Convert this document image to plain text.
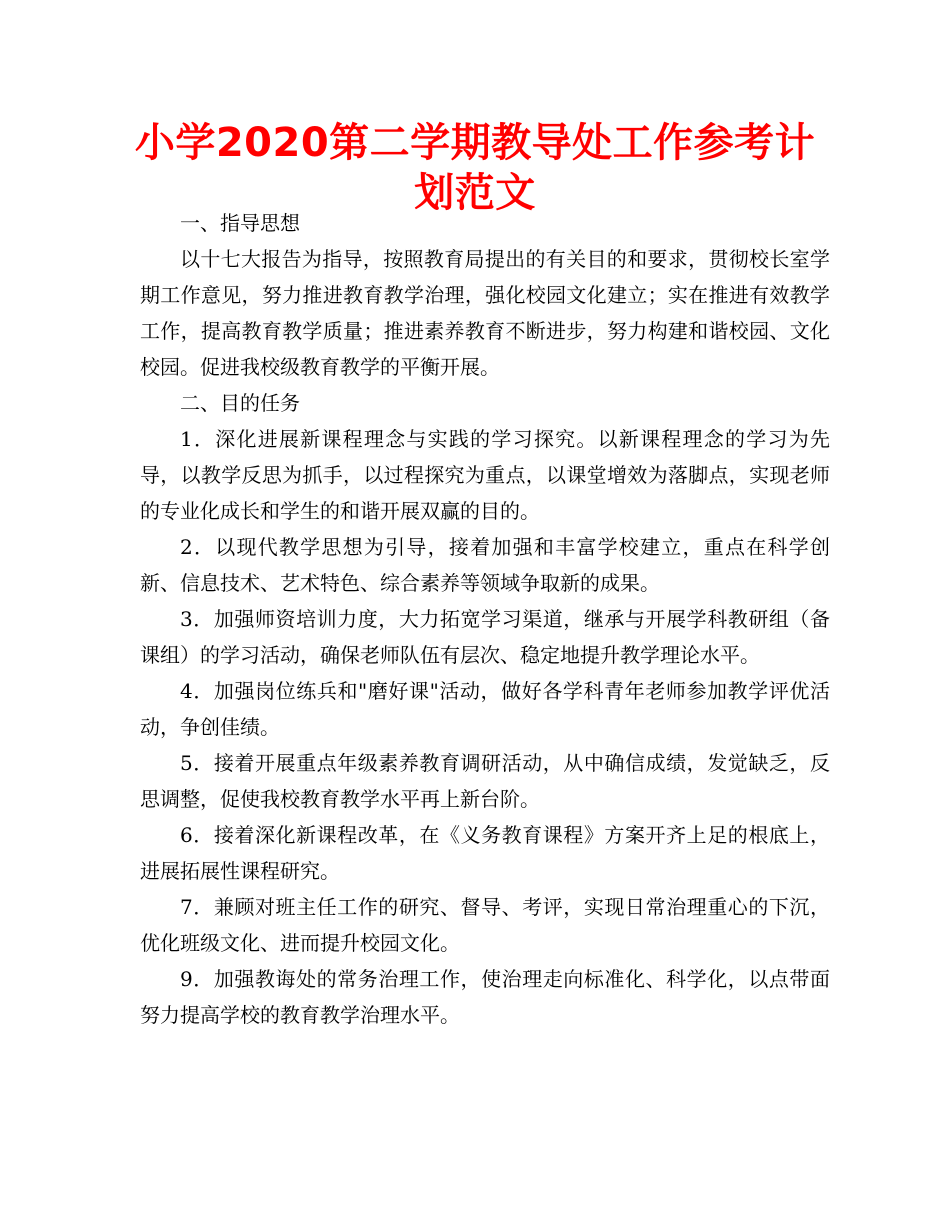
小学2020第二学期教导处工作参考计划范文

一、指导思想

以十七大报告为指导，按照教育局提出的有关目的和要求，贯彻校长室学期工作意见，努力推进教育教学治理，强化校园文化建立；实在推进有效教学工作，提高教育教学质量；推进素养教育不断进步，努力构建和谐校园、文化校园。促进我校级教育教学的平衡开展。

二、目的任务

1．深化进展新课程理念与实践的学习探究。以新课程理念的学习为先导，以教学反思为抓手，以过程探究为重点，以课堂增效为落脚点，实现老师的专业化成长和学生的和谐开展双赢的目的。

2．以现代教学思想为引导，接着加强和丰富学校建立，重点在科学创新、信息技术、艺术特色、综合素养等领域争取新的成果。

3．加强师资培训力度，大力拓宽学习渠道，继承与开展学科教研组（备课组）的学习活动，确保老师队伍有层次、稳定地提升教学理论水平。

4．加强岗位练兵和"磨好课"活动，做好各学科青年老师参加教学评优活动，争创佳绩。

5．接着开展重点年级素养教育调研活动，从中确信成绩，发觉缺乏，反思调整，促使我校教育教学水平再上新台阶。

6．接着深化新课程改革，在《义务教育课程》方案开齐上足的根底上，进展拓展性课程研究。

7．兼顾对班主任工作的研究、督导、考评，实现日常治理重心的下沉，优化班级文化、进而提升校园文化。

9．加强教诲处的常务治理工作，使治理走向标准化、科学化，以点带面努力提高学校的教育教学治理水平。
